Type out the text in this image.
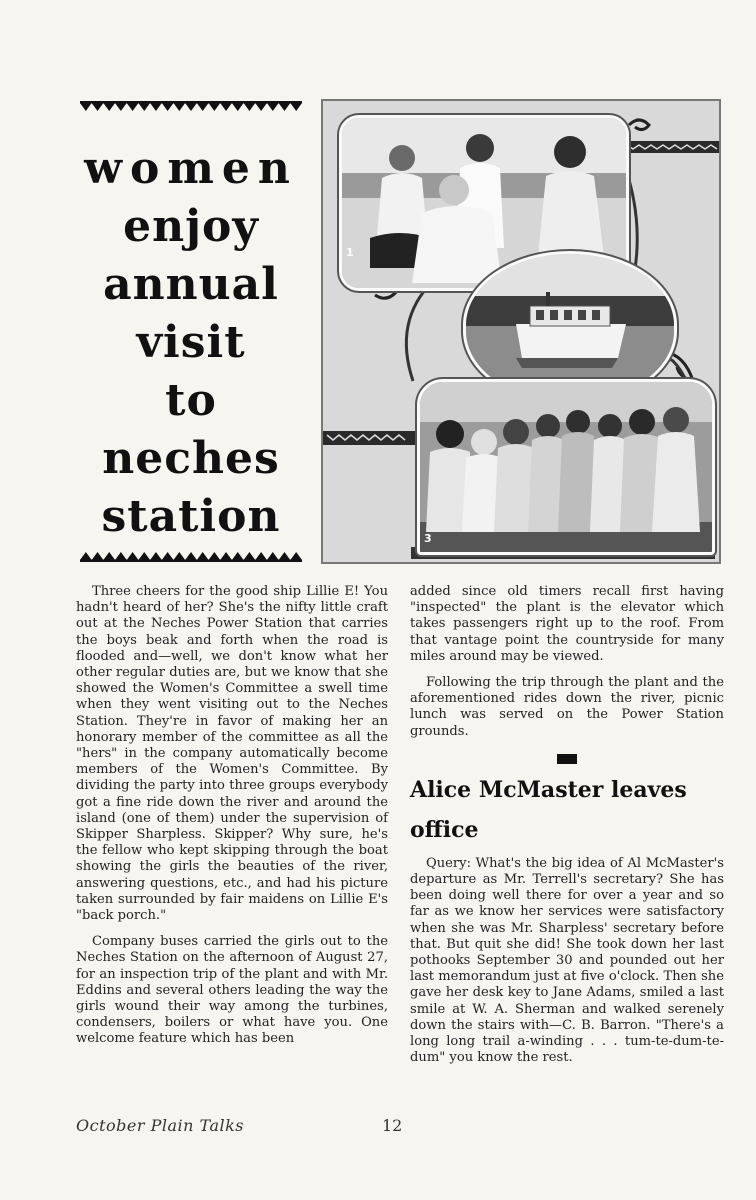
women
enjoy
annual
visit
to
neches
station
1
3

Three cheers for the good ship Lillie E! You hadn't heard of her? She's the nifty little craft out at the Neches Power Station that carries the boys beak and forth when the road is flooded and—well, we don't know what her other regular duties are, but we know that she showed the Women's Committee a swell time when they went visiting out to the Neches Station. They're in favor of making her an honorary member of the committee as all the "hers" in the company automatically become members of the Women's Committee. By dividing the party into three groups everybody got a fine ride down the river and around the island (one of them) under the supervision of Skipper Sharpless. Skipper? Why sure, he's the fellow who kept skipping through the boat showing the girls the beauties of the river, answering questions, etc., and had his picture taken surrounded by fair maidens on Lillie E's "back porch."

Company buses carried the girls out to the Neches Station on the afternoon of August 27, for an inspection trip of the plant and with Mr. Eddins and several others leading the way the girls wound their way among the turbines, condensers, boilers or what have you. One welcome feature which has been

added since old timers recall first having "inspected" the plant is the elevator which takes passengers right up to the roof. From that vantage point the countryside for many miles around may be viewed.

Following the trip through the plant and the aforementioned rides down the river, picnic lunch was served on the Power Station grounds.

Alice McMaster leaves office

Query: What's the big idea of Al McMaster's departure as Mr. Terrell's secretary? She has been doing well there for over a year and so far as we know her services were satisfactory when she was Mr. Sharpless' secretary before that. But quit she did! She took down her last pothooks September 30 and pounded out her last memorandum just at five o'clock. Then she gave her desk key to Jane Adams, smiled a last smile at W. A. Sherman and walked serenely down the stairs with—C. B. Barron. "There's a long long trail a-winding . . . tum-te-dum-te-dum" you know the rest.

October Plain Talks	12
